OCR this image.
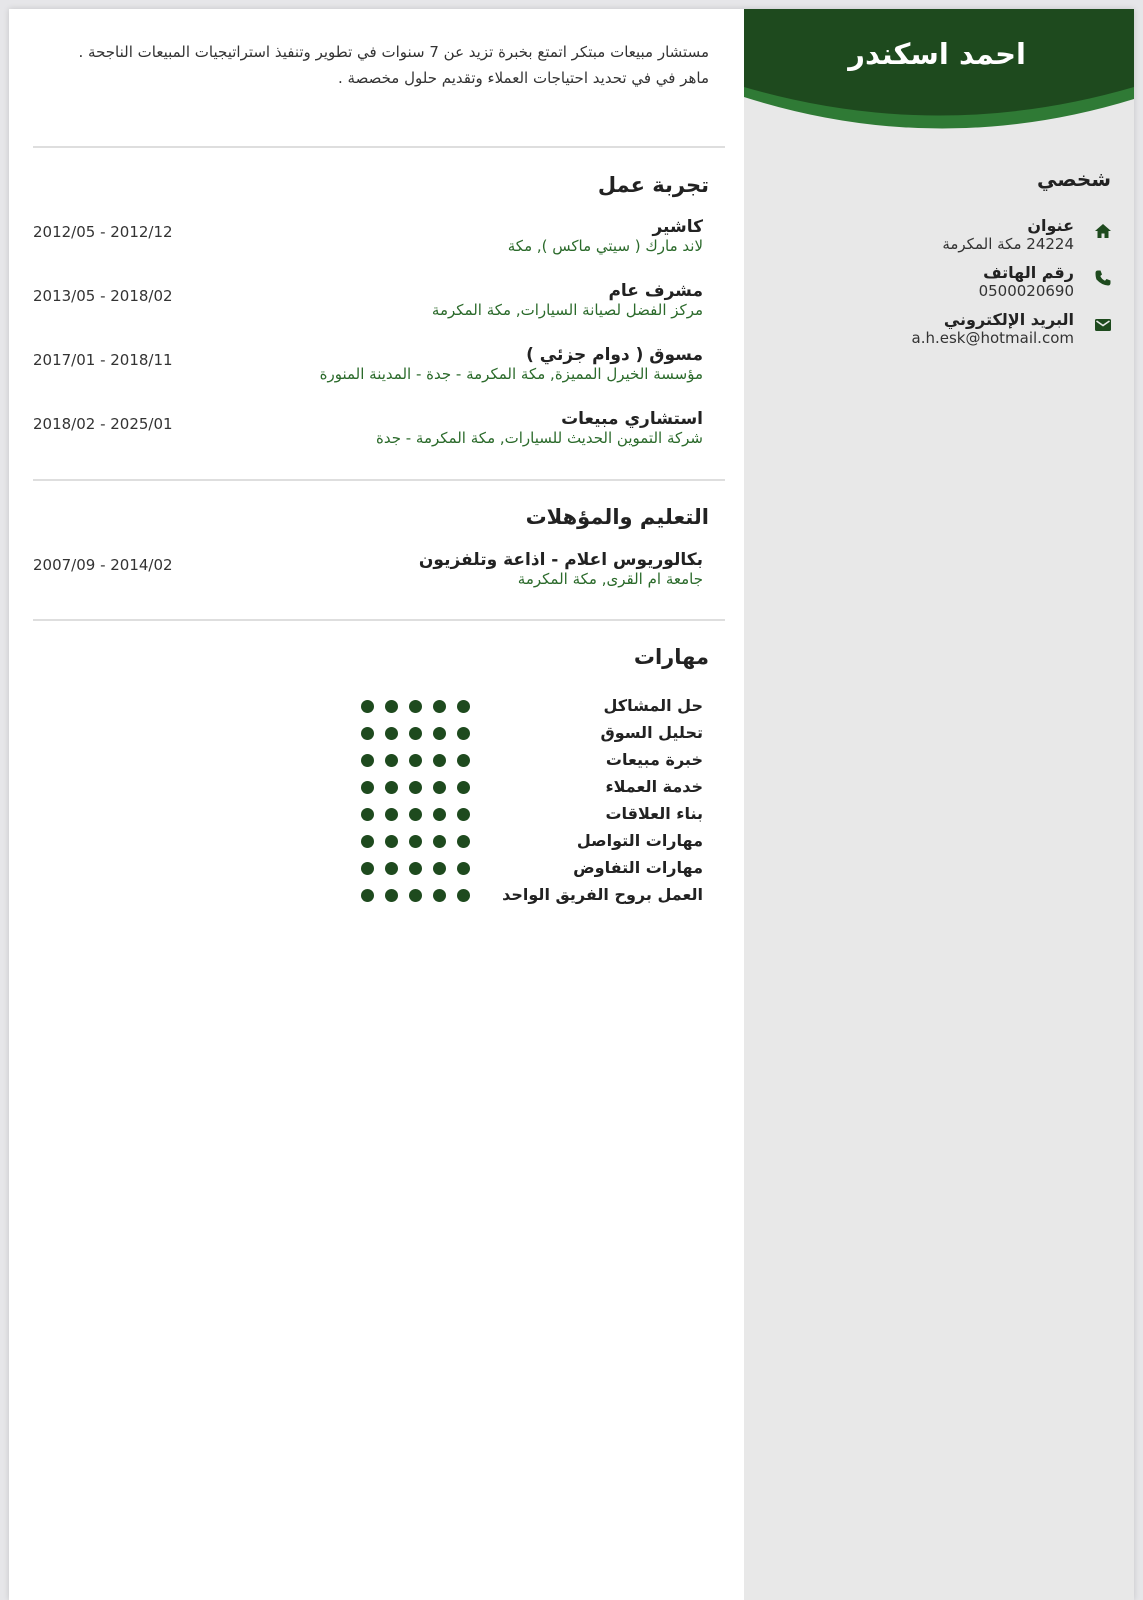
احمد اسكندر
شخصي
عنوان
24224 مكة المكرمة
رقم الهاتف
0500020690
البريد الإلكتروني
a.h.esk@hotmail.com

مستشار مبيعات مبتكر اتمتع بخبرة تزيد عن 7 سنوات في تطوير وتنفيذ استراتيجيات المبيعات الناجحة .

ماهر في في تحديد احتياجات العملاء وتقديم حلول مخصصة .

تجربة عمل
كاشير
لاند مارك ( سيتي ماكس ), مكة
2012/05 - 2012/12
مشرف عام
مركز الفضل لصيانة السيارات, مكة المكرمة
2013/05 - 2018/02
مسوق ( دوام جزئي )
مؤسسة الخيرل المميزة, مكة المكرمة - جدة - المدينة المنورة
2017/01 - 2018/11
استشاري مبيعات
شركة التموين الحديث للسيارات, مكة المكرمة - جدة
2018/02 - 2025/01
التعليم والمؤهلات
بكالوريوس اعلام - اذاعة وتلفزيون
جامعة ام القرى, مكة المكرمة
2007/09 - 2014/02
مهارات
حل المشاكل
تحليل السوق
خبرة مبيعات
خدمة العملاء
بناء العلاقات
مهارات التواصل
مهارات التفاوض
العمل بروح الفريق الواحد
